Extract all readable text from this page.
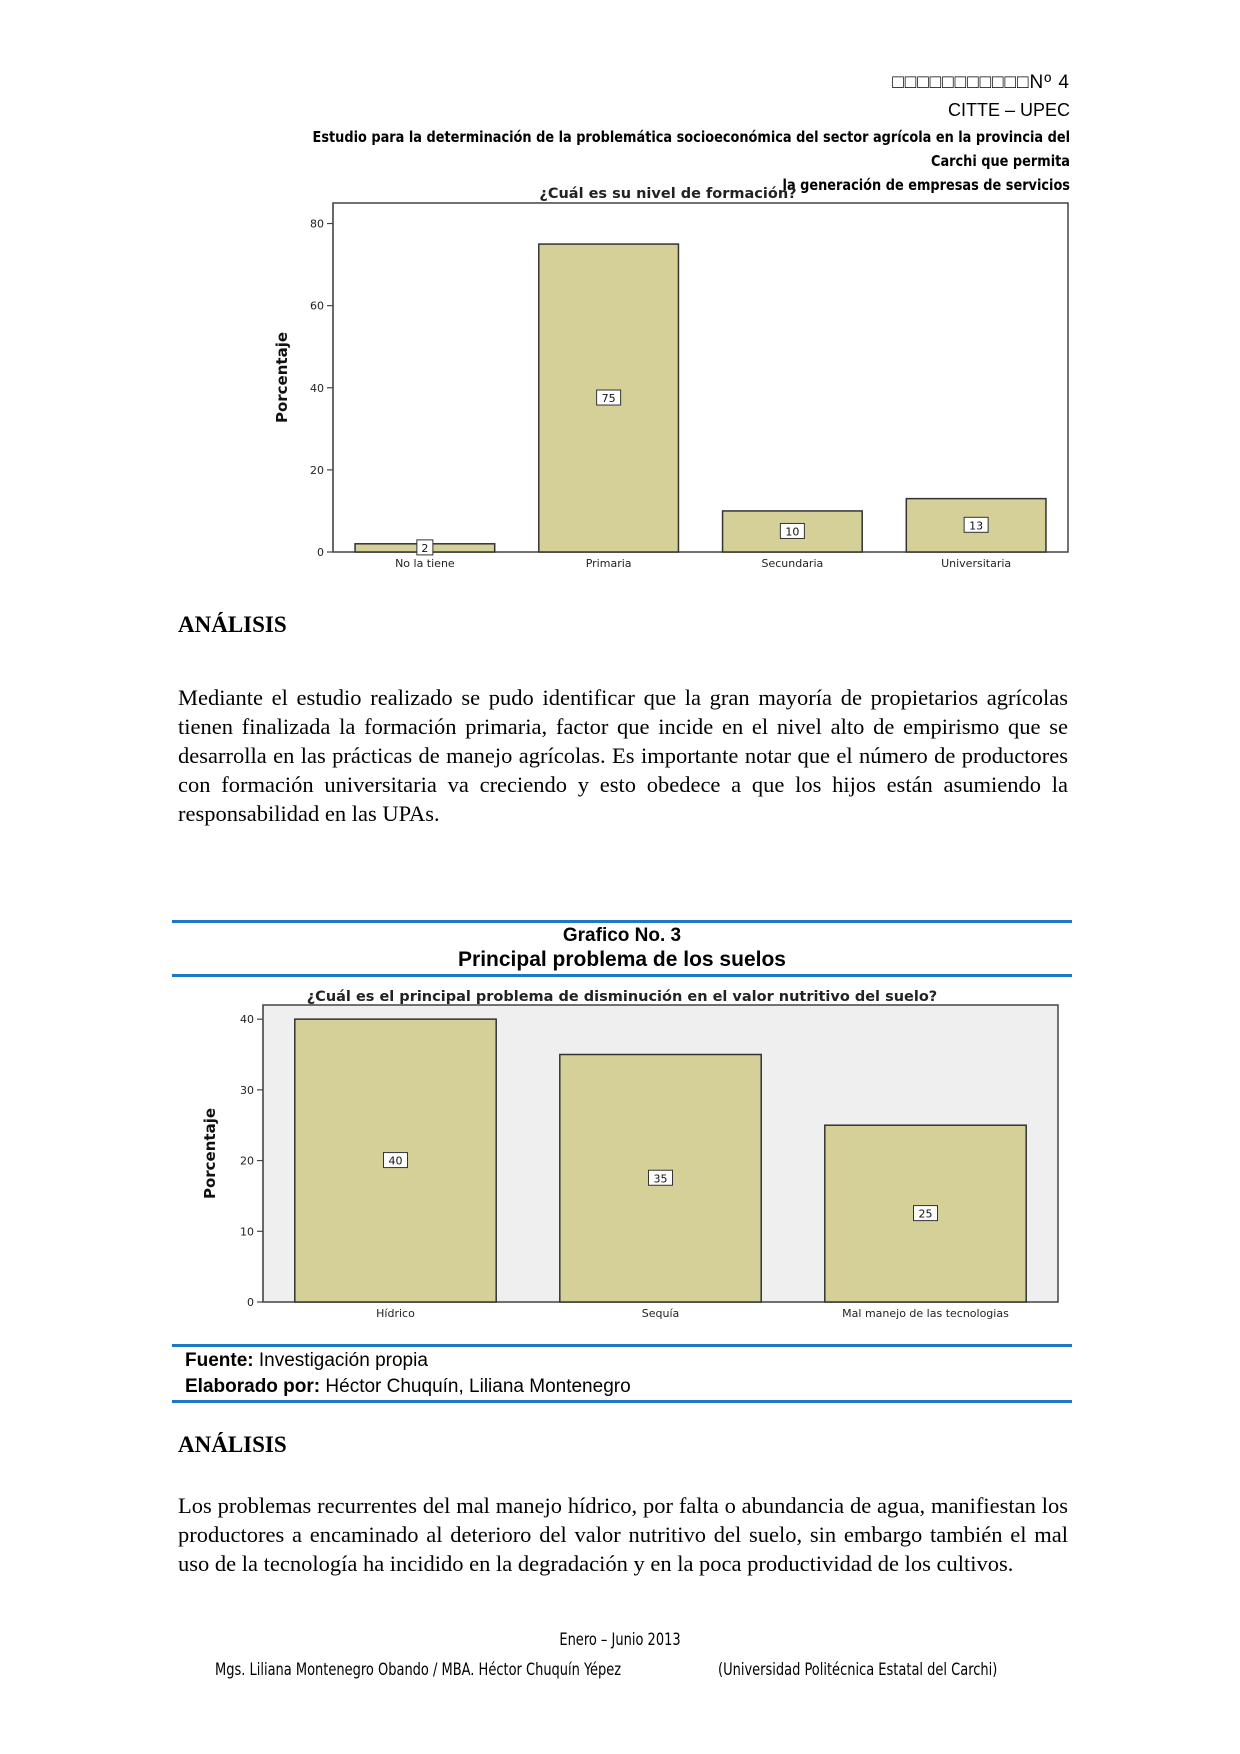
□□□□□□□□□□□Nº 4
CITTE – UPEC
Estudio para la determinación de la problemática socioeconómica del sector agrícola en la provincia del Carchi que permita
la generación de empresas de servicios
¿Cuál es su nivel de formación?
0
20
40
60
80
Porcentaje
2
No la tiene
75
Primaria
10
Secundaria
13
Universitaria
ANÁLISIS
Mediante el estudio realizado se pudo identificar que la gran mayoría de propietarios agrícolas tienen finalizada la formación primaria, factor que incide en el nivel alto de empirismo que se desarrolla en las prácticas de manejo agrícolas. Es importante notar que el número de productores con formación universitaria va creciendo y esto obedece a que los hijos están asumiendo la responsabilidad en las UPAs.
Grafico No. 3
Principal problema de los suelos
¿Cuál es el principal problema de disminución en el valor nutritivo del suelo?
0
10
20
30
40
Porcentaje	40
Hídrico
35
Sequía
25
Mal manejo de las tecnologias
Fuente: Investigación propia
Elaborado por: Héctor Chuquín, Liliana Montenegro
ANÁLISIS
Los problemas recurrentes del mal manejo hídrico, por falta o abundancia de agua, manifiestan los productores a encaminado al deterioro del valor nutritivo del suelo, sin embargo también el mal uso de la tecnología ha incidido en la degradación y en la poca productividad de los cultivos.
Enero – Junio 2013
Mgs. Liliana Montenegro Obando / MBA. Héctor Chuquín Yépez	(Universidad Politécnica Estatal del Carchi)
